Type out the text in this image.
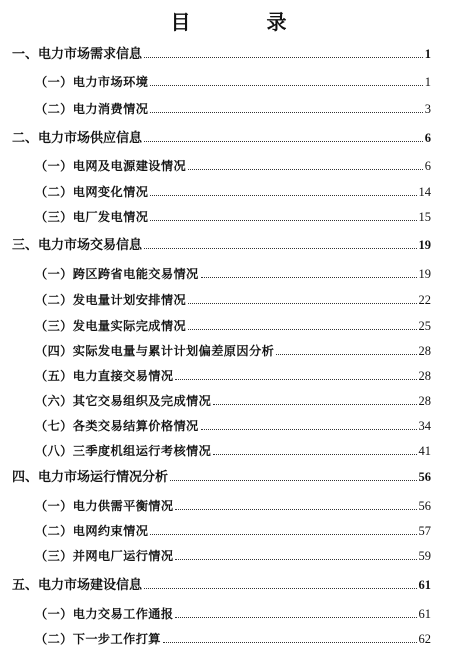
目　录
一、电力市场需求信息	1
（一）电力市场环境	1
（二）电力消费情况	3
二、电力市场供应信息	6
（一）电网及电源建设情况	6
（二）电网变化情况	14
（三）电厂发电情况	15
三、电力市场交易信息	19
（一）跨区跨省电能交易情况	19
（二）发电量计划安排情况	22
（三）发电量实际完成情况	25
（四）实际发电量与累计计划偏差原因分析	28
（五）电力直接交易情况	28
（六）其它交易组织及完成情况	28
（七）各类交易结算价格情况	34
（八）三季度机组运行考核情况	41
四、电力市场运行情况分析	56
（一）电力供需平衡情况	56
（二）电网约束情况	57
（三）并网电厂运行情况	59
五、电力市场建设信息	61
（一）电力交易工作通报	61
（二）下一步工作打算	62
